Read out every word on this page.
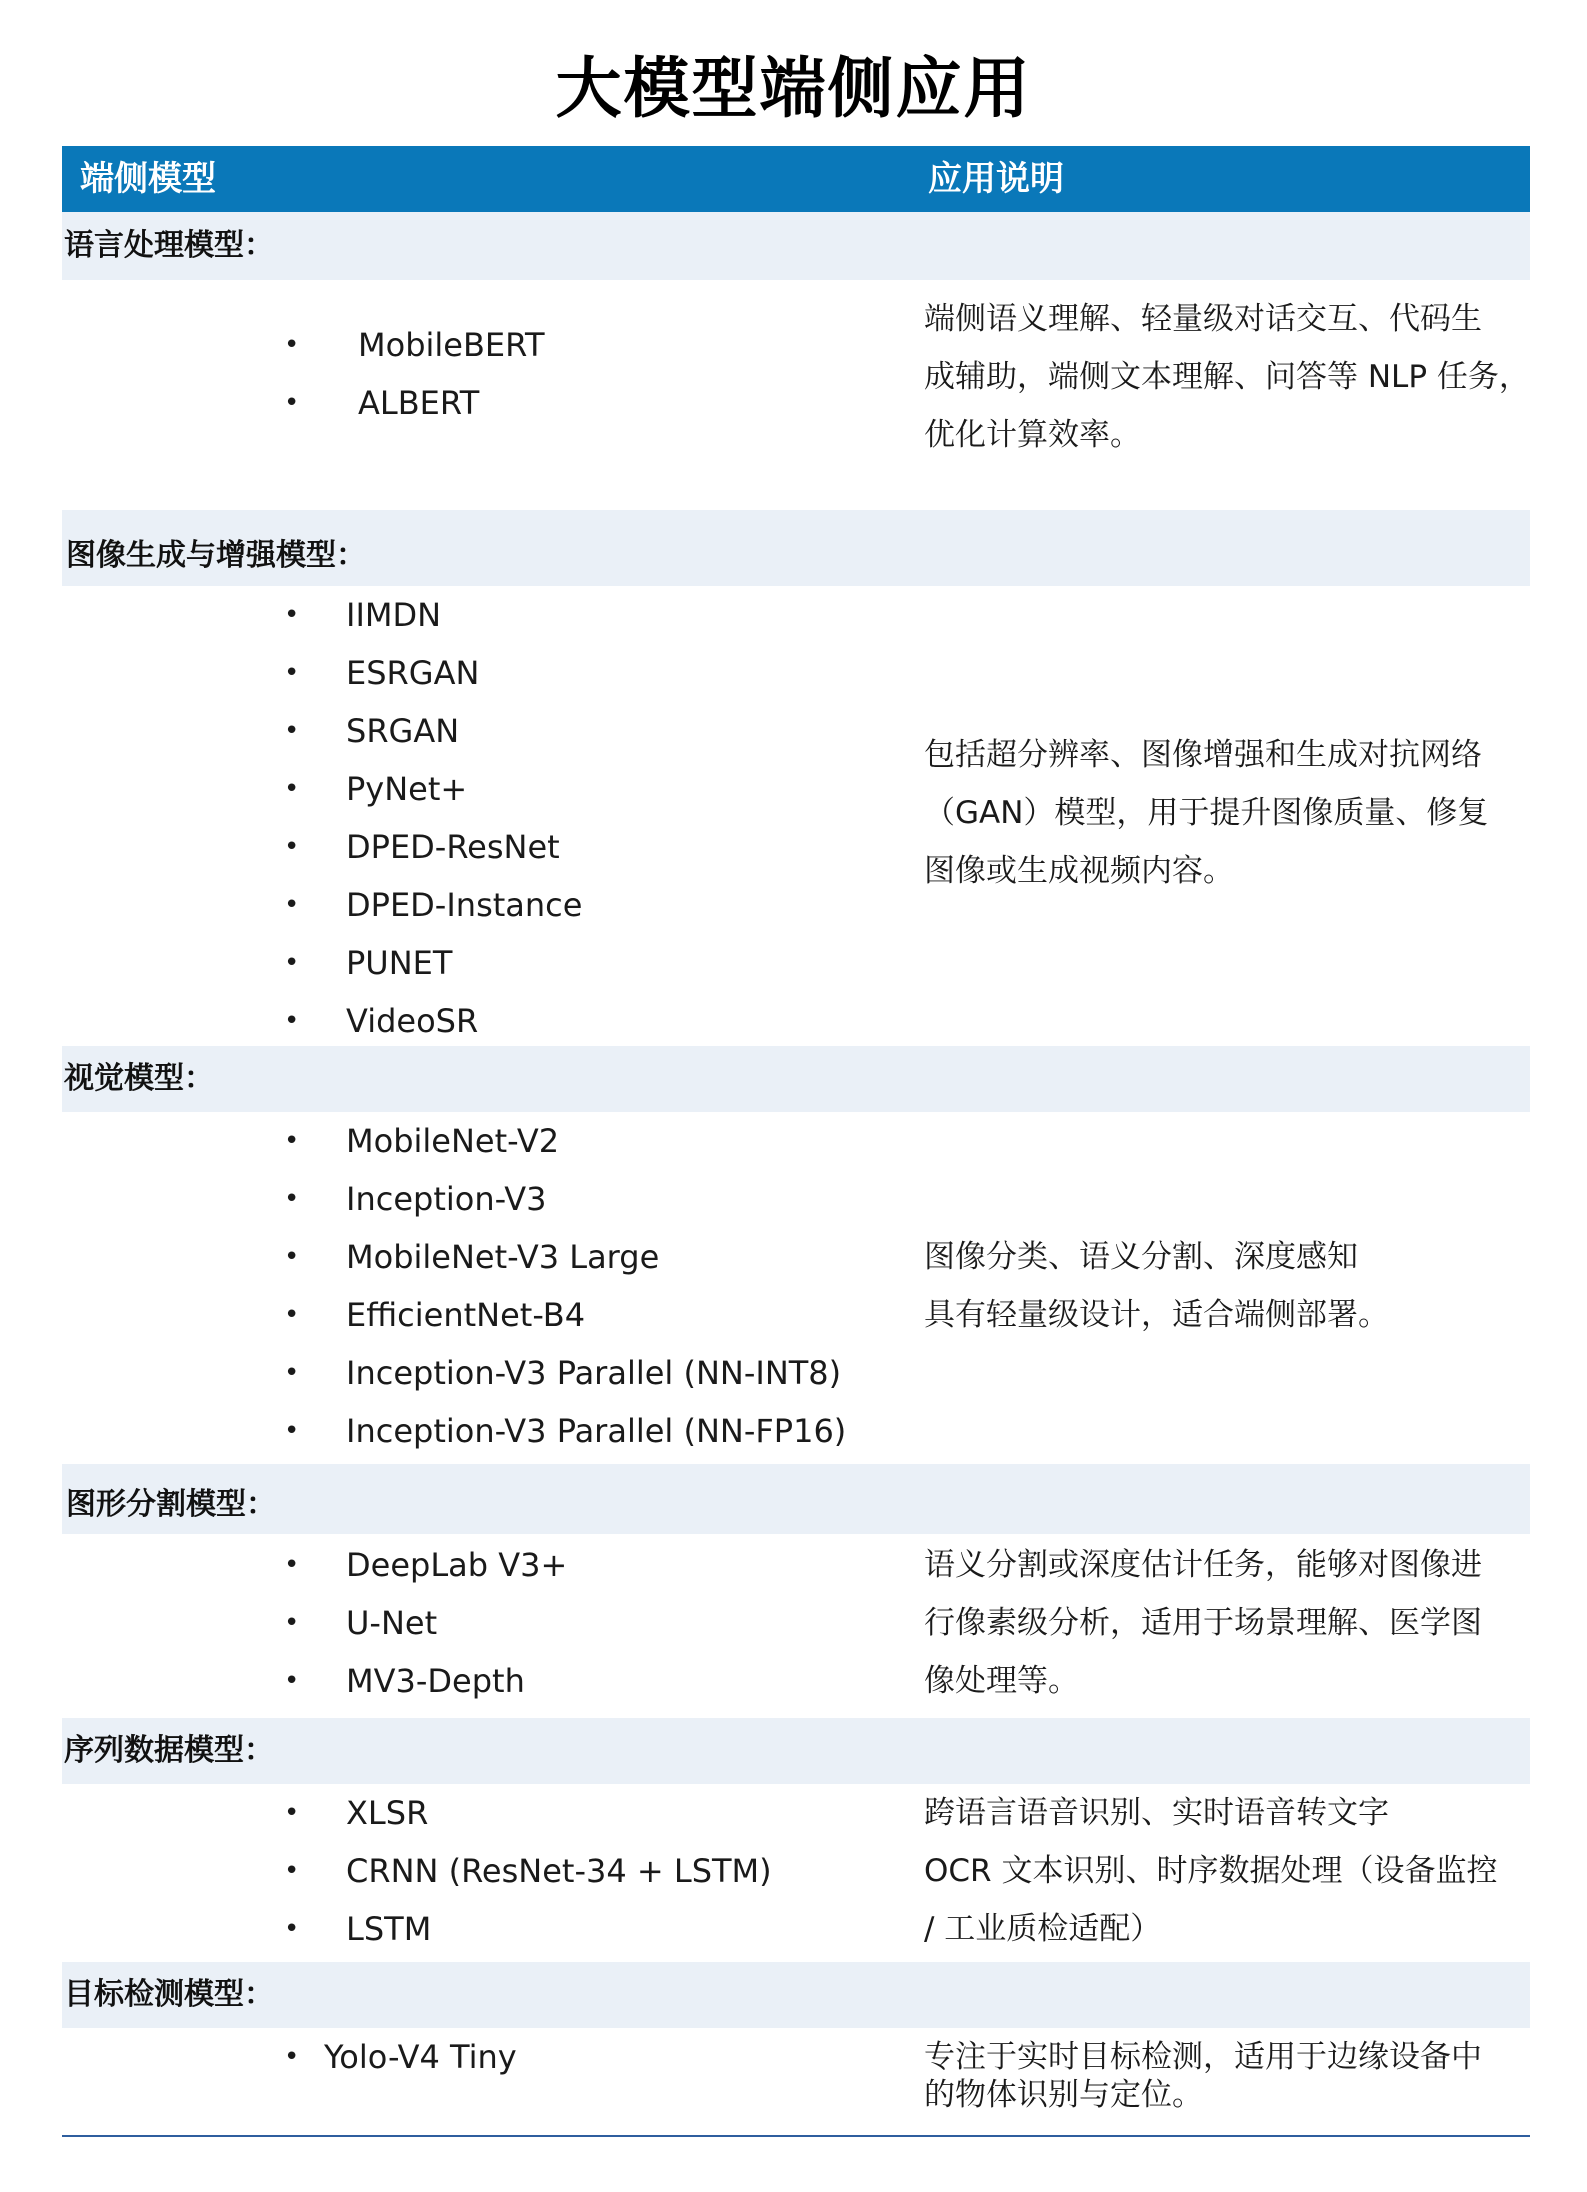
大模型端侧应用
端侧模型	应用说明
语言处理模型：
• MobileBERT
• ALBERT
端侧语义理解、轻量级对话交互、代码生
成辅助，端侧文本理解、问答等 NLP 任务，
优化计算效率。
图像生成与增强模型：
• IIMDN
• ESRGAN
• SRGAN
• PyNet+
• DPED-ResNet
• DPED-Instance
• PUNET
• VideoSR
包括超分辨率、图像增强和生成对抗网络
（GAN）模型，用于提升图像质量、修复
图像或生成视频内容。
视觉模型：
• MobileNet-V2
• Inception-V3
• MobileNet-V3 Large
• EfficientNet-B4
• Inception-V3 Parallel (NN-INT8)
• Inception-V3 Parallel (NN-FP16)
图像分类、语义分割、深度感知
具有轻量级设计，适合端侧部署。
图形分割模型：
• DeepLab V3+
• U-Net
• MV3-Depth
语义分割或深度估计任务，能够对图像进
行像素级分析，适用于场景理解、医学图
像处理等。
序列数据模型：
• XLSR
• CRNN (ResNet-34 + LSTM)
• LSTM
跨语言语音识别、实时语音转文字
OCR 文本识别、时序数据处理（设备监控
/ 工业质检适配）
目标检测模型：
• Yolo-V4 Tiny	专注于实时目标检测，适用于边缘设备中
的物体识别与定位。
